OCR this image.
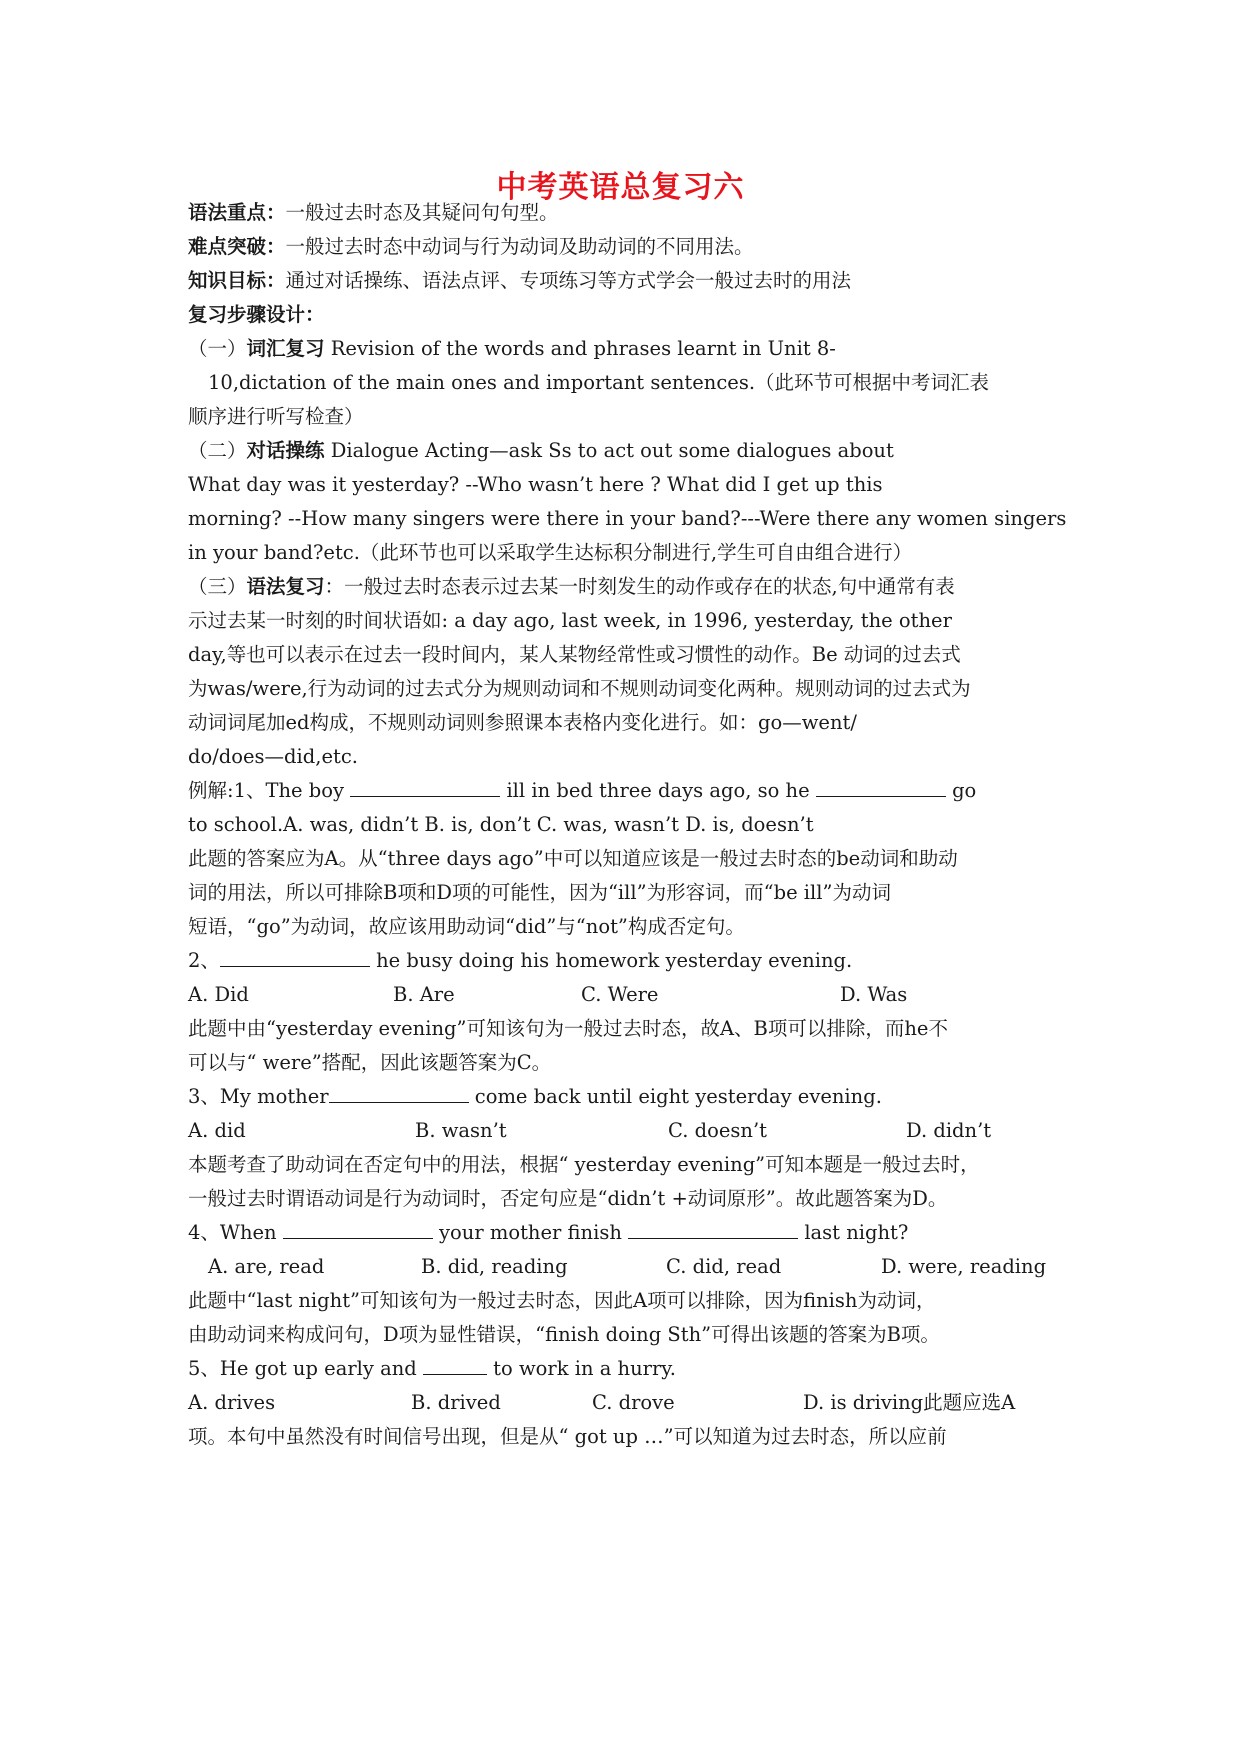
中考英语总复习六
语法重点：一般过去时态及其疑问句句型。
难点突破：一般过去时态中动词与行为动词及助动词的不同用法。
知识目标：通过对话操练、语法点评、专项练习等方式学会一般过去时的用法
复习步骤设计：
（一）词汇复习 Revision of the words and phrases learnt in Unit 8-
10,dictation of the main ones and important sentences.（此环节可根据中考词汇表
顺序进行听写检查）
（二）对话操练 Dialogue Acting—ask Ss to act out some dialogues about
What day was it yesterday? --Who wasn’t here ? What did I get up this
morning? --How many singers were there in your band?---Were there any women singers
in your band?etc.（此环节也可以采取学生达标积分制进行,学生可自由组合进行）
（三）语法复习：一般过去时态表示过去某一时刻发生的动作或存在的状态,句中通常有表
示过去某一时刻的时间状语如: a day ago, last week, in 1996, yesterday, the other
day,等也可以表示在过去一段时间内，某人某物经常性或习惯性的动作。Be 动词的过去式
为was/were,行为动词的过去式分为规则动词和不规则动词变化两种。规则动词的过去式为
动词词尾加ed构成，不规则动词则参照课本表格内变化进行。如：go—went/
do/does—did,etc.
例解:1、The boy	ill in bed three days ago, so he	go
to school.A. was, didn’t B. is, don’t C. was, wasn’t D. is, doesn’t
此题的答案应为A。从“three days ago”中可以知道应该是一般过去时态的be动词和助动
词的用法，所以可排除B项和D项的可能性，因为“ill”为形容词，而“be ill”为动词
短语，“go”为动词，故应该用助动词“did”与“not”构成否定句。
2、	he busy doing his homework yesterday evening.
A. Did	B. Are	C. Were	D. Was
此题中由“yesterday evening”可知该句为一般过去时态，故A、B项可以排除，而he不
可以与“ were”搭配，因此该题答案为C。
3、My mother	come back until eight yesterday evening.
A. did	B. wasn’t	C. doesn’t	D. didn’t
本题考查了助动词在否定句中的用法，根据“ yesterday evening”可知本题是一般过去时，
一般过去时谓语动词是行为动词时，否定句应是“didn’t +动词原形”。故此题答案为D。
4、When	your mother finish	last night?
A. are, read	B. did, reading	C. did, read	D. were, reading
此题中“last night”可知该句为一般过去时态，因此A项可以排除，因为finish为动词，
由助动词来构成问句，D项为显性错误，“finish doing Sth”可得出该题的答案为B项。
5、He got up early and	to work in a hurry.
A. drives	B. drived	C. drove	D. is driving此题应选A
项。本句中虽然没有时间信号出现，但是从“ got up …”可以知道为过去时态，所以应前
